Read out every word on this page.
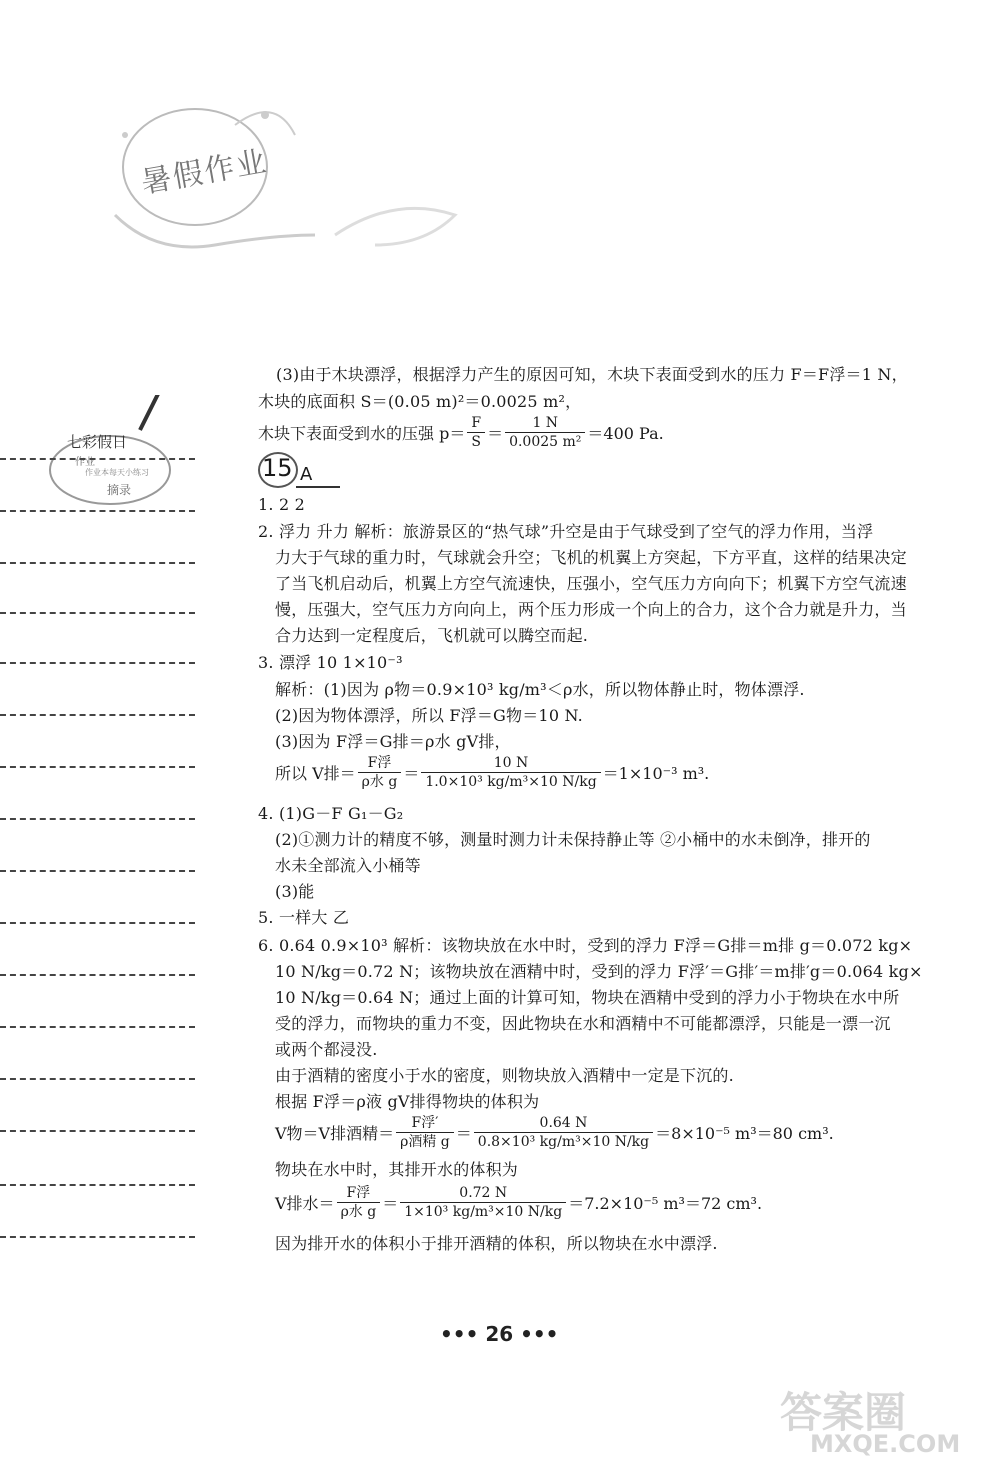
暑假作业
七彩假日
作业
作业本每天小练习
摘录
(3)由于木块漂浮，根据浮力产生的原因可知，木块下表面受到水的压力 F＝F浮＝1 N，
木块的底面积 S＝(0.05 m)²＝0.0025 m²，
木块下表面受到水的压强 $p= \frac{F}{S} = \frac{1 N}{\text{0.0025 m²}} =400$ Pa.
15 A
1. 2 2
2. 浮力 升力 解析：旅游景区的“热气球”升空是由于气球受到了空气的浮力作用，当浮
力大于气球的重力时，气球就会升空；飞机的机翼上方突起，下方平直，这样的结果决定
了当飞机启动后，机翼上方空气流速快，压强小，空气压力方向向下；机翼下方空气流速
慢，压强大，空气压力方向向上，两个压力形成一个向上的合力，这个合力就是升力，当
合力达到一定程度后，飞机就可以腾空而起.
3. 漂浮 10 1×10⁻³
解析：(1)因为 ρ物＝0.9×10³ kg/m³＜ρ水，所以物体静止时，物体漂浮.
(2)因为物体漂浮，所以 F浮＝G物＝10 N.
(3)因为 F浮＝G排＝ρ水 gV排，
所以 V排＝ $\frac{\text{F浮}}{\text{ρ水 g}} = \frac{10 N}{\text{1.0×10³ kg/m³×10 N/kg}} =1\times 10^{-3}$ m³.
4. (1)G－F G₁－G₂
(2)①测力计的精度不够，测量时测力计未保持静止等 ②小桶中的水未倒净，排开的
水未全部流入小桶等
(3)能
5. 一样大 乙
6. 0.64 0.9×10³ 解析：该物块放在水中时，受到的浮力 F浮＝G排＝m排 g＝0.072 kg×
10 N/kg＝0.72 N；该物块放在酒精中时，受到的浮力 F浮′＝G排′＝m排′g＝0.064 kg×
10 N/kg＝0.64 N；通过上面的计算可知，物块在酒精中受到的浮力小于物块在水中所
受的浮力，而物块的重力不变，因此物块在水和酒精中不可能都漂浮，只能是一漂一沉
或两个都浸没.
由于酒精的密度小于水的密度，则物块放入酒精中一定是下沉的.
根据 F浮＝ρ液 gV排得物块的体积为
V物＝V排酒精＝ $\frac{\text{F浮′}}{\text{ρ酒精 g}} = \frac{0.64 N}{\text{0.8×10³ kg/m³×10 N/kg}} =8\times 10^{-5}$ m³＝80 cm³.
物块在水中时，其排开水的体积为
V排水＝ $\frac{\text{F浮}}{\text{ρ水 g}} = \frac{0.72 N}{\text{1×10³ kg/m³×10 N/kg}} =7.2\times 10^{-5}$ m³＝72 cm³.
因为排开水的体积小于排开酒精的体积，所以物块在水中漂浮.
••• 26 •••
答案圈
MXQE.COM
